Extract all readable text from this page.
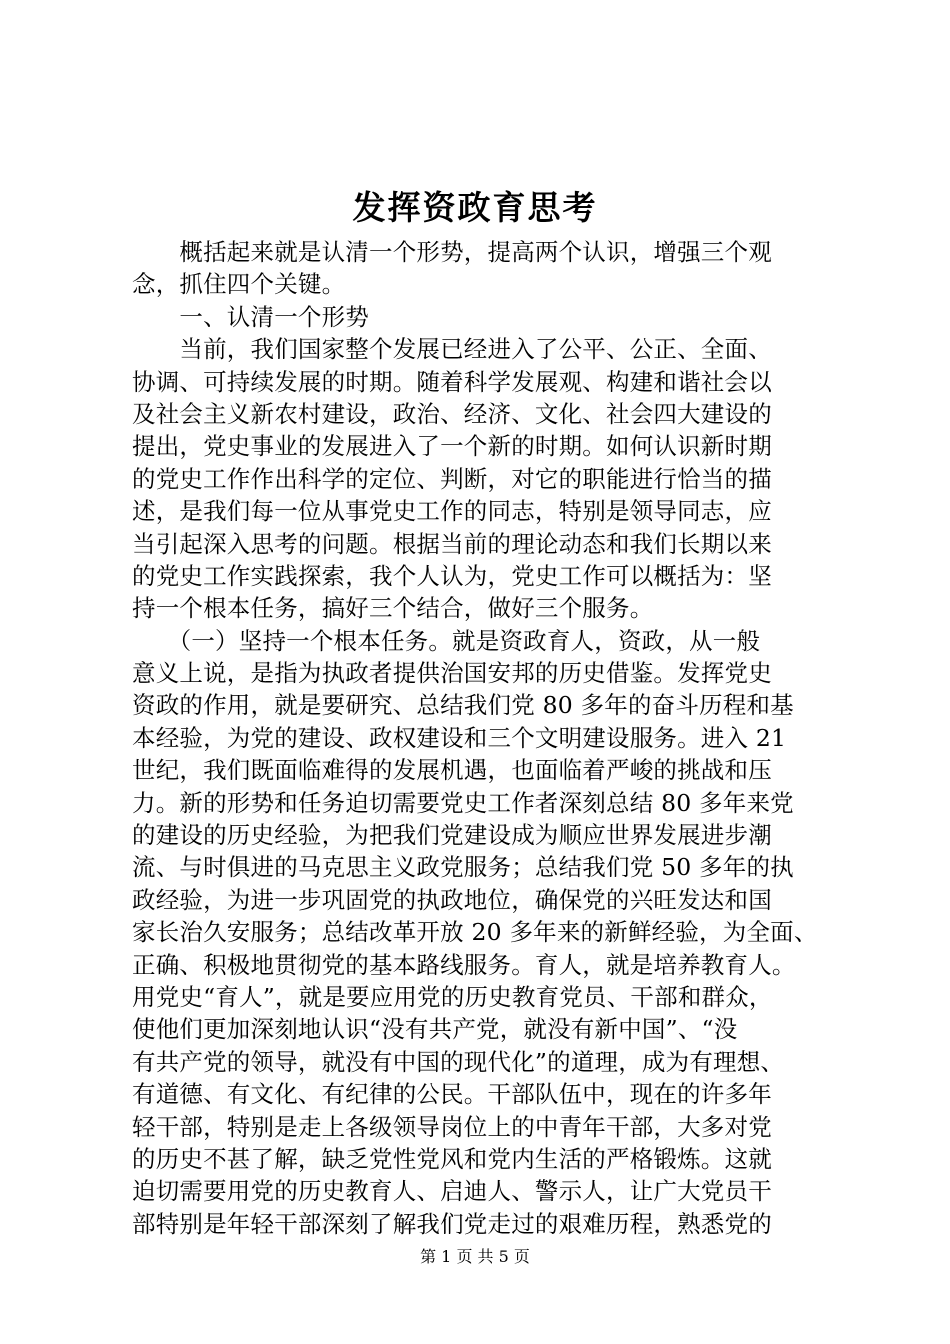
发挥资政育思考
　　概括起来就是认清一个形势，提高两个认识，增强三个观
念，抓住四个关键。
　　一、认清一个形势
　　当前，我们国家整个发展已经进入了公平、公正、全面、
协调、可持续发展的时期。随着科学发展观、构建和谐社会以
及社会主义新农村建设，政治、经济、文化、社会四大建设的
提出，党史事业的发展进入了一个新的时期。如何认识新时期
的党史工作作出科学的定位、判断，对它的职能进行恰当的描
述，是我们每一位从事党史工作的同志，特别是领导同志，应
当引起深入思考的问题。根据当前的理论动态和我们长期以来
的党史工作实践探索，我个人认为，党史工作可以概括为：坚
持一个根本任务，搞好三个结合，做好三个服务。
　　（一）坚持一个根本任务。就是资政育人，资政，从一般
意义上说，是指为执政者提供治国安邦的历史借鉴。发挥党史
资政的作用，就是要研究、总结我们党 80 多年的奋斗历程和基
本经验，为党的建设、政权建设和三个文明建设服务。进入 21
世纪，我们既面临难得的发展机遇，也面临着严峻的挑战和压
力。新的形势和任务迫切需要党史工作者深刻总结 80 多年来党
的建设的历史经验，为把我们党建设成为顺应世界发展进步潮
流、与时俱进的马克思主义政党服务；总结我们党 50 多年的执
政经验，为进一步巩固党的执政地位，确保党的兴旺发达和国
家长治久安服务；总结改革开放 20 多年来的新鲜经验，为全面、
正确、积极地贯彻党的基本路线服务。育人，就是培养教育人。
用党史“育人”，就是要应用党的历史教育党员、干部和群众，
使他们更加深刻地认识“没有共产党，就没有新中国”、“没
有共产党的领导，就没有中国的现代化”的道理，成为有理想、
有道德、有文化、有纪律的公民。干部队伍中，现在的许多年
轻干部，特别是走上各级领导岗位上的中青年干部，大多对党
的历史不甚了解，缺乏党性党风和党内生活的严格锻炼。这就
迫切需要用党的历史教育人、启迪人、警示人，让广大党员干
部特别是年轻干部深刻了解我们党走过的艰难历程，熟悉党的
第 1 页 共 5 页
